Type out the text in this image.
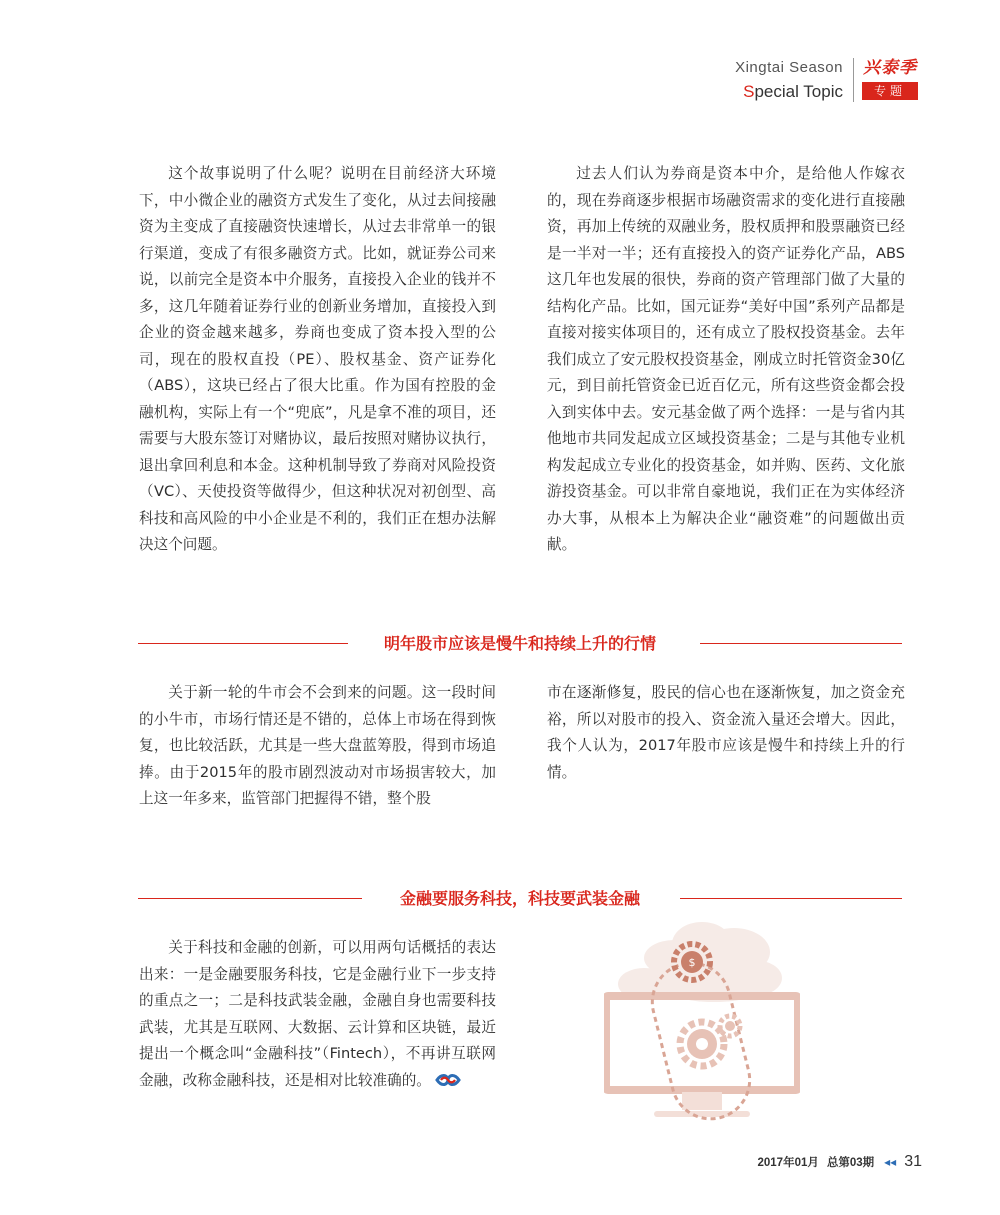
Xingtai Season
Special Topic
兴泰季
专题

这个故事说明了什么呢？说明在目前经济大环境下，中小微企业的融资方式发生了变化，从过去间接融资为主变成了直接融资快速增长，从过去非常单一的银行渠道，变成了有很多融资方式。比如，就证券公司来说，以前完全是资本中介服务，直接投入企业的钱并不多，这几年随着证券行业的创新业务增加，直接投入到企业的资金越来越多，券商也变成了资本投入型的公司，现在的股权直投（PE）、股权基金、资产证券化（ABS），这块已经占了很大比重。作为国有控股的金融机构，实际上有一个“兜底”，凡是拿不准的项目，还需要与大股东签订对赌协议，最后按照对赌协议执行，退出拿回利息和本金。这种机制导致了券商对风险投资（VC）、天使投资等做得少，但这种状况对初创型、高科技和高风险的中小企业是不利的，我们正在想办法解决这个问题。

过去人们认为券商是资本中介，是给他人作嫁衣的，现在券商逐步根据市场融资需求的变化进行直接融资，再加上传统的双融业务，股权质押和股票融资已经是一半对一半；还有直接投入的资产证券化产品，ABS这几年也发展的很快，券商的资产管理部门做了大量的结构化产品。比如，国元证券“美好中国”系列产品都是直接对接实体项目的，还有成立了股权投资基金。去年我们成立了安元股权投资基金，刚成立时托管资金30亿元，到目前托管资金已近百亿元，所有这些资金都会投入到实体中去。安元基金做了两个选择：一是与省内其他地市共同发起成立区域投资基金；二是与其他专业机构发起成立专业化的投资基金，如并购、医药、文化旅游投资基金。可以非常自豪地说，我们正在为实体经济办大事，从根本上为解决企业“融资难”的问题做出贡献。

明年股市应该是慢牛和持续上升的行情

关于新一轮的牛市会不会到来的问题。这一段时间的小牛市，市场行情还是不错的，总体上市场在得到恢复，也比较活跃，尤其是一些大盘蓝筹股，得到市场追捧。由于2015年的股市剧烈波动对市场损害较大，加上这一年多来，监管部门把握得不错，整个股

市在逐渐修复，股民的信心也在逐渐恢复，加之资金充裕，所以对股市的投入、资金流入量还会增大。因此，我个人认为，2017年股市应该是慢牛和持续上升的行情。

金融要服务科技，科技要武装金融

关于科技和金融的创新，可以用两句话概括的表达出来：一是金融要服务科技，它是金融行业下一步支持的重点之一；二是科技武装金融，金融自身也需要科技武装，尤其是互联网、大数据、云计算和区块链，最近提出一个概念叫“金融科技”（Fintech），不再讲互联网金融，改称金融科技，还是相对比较准确的。

$
2017年01月 总第03期 ◂◂ 31
